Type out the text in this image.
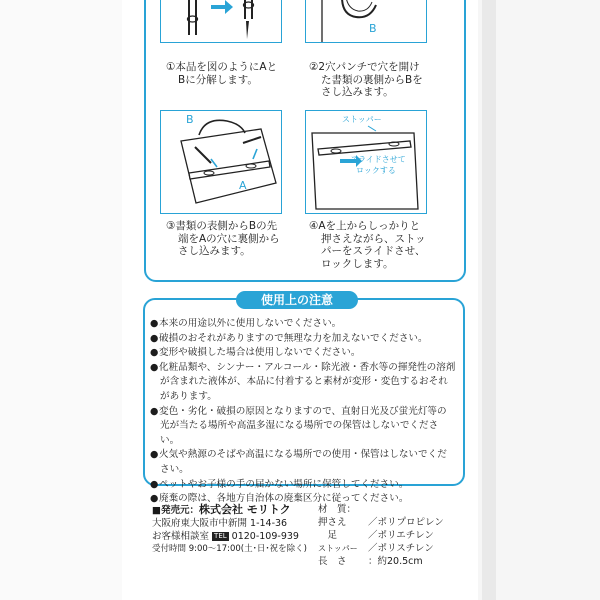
B
①本品を図のようにAと
Bに分解します。
②2穴パンチで穴を開け
た書類の裏側からBを
さし込みます。
B
A
ストッパー
スライドさせて
ロックする
③書類の表側からBの先
端をAの穴に裏側から
さし込みます。
④Aを上からしっかりと
押さえながら、ストッ
パーをスライドさせ、
ロックします。
使用上の注意
●本来の用途以外に使用しないでください。
●破損のおそれがありますので無理な力を加えないでください。
●変形や破損した場合は使用しないでください。
●化粧品類や、シンナー・アルコール・除光液・香水等の揮発性の溶剤が含まれた液体が、本品に付着すると素材が変形・変色するおそれがあります。
●変色・劣化・破損の原因となりますので、直射日光及び蛍光灯等の光が当たる場所や高温多湿になる場所での保管はしないでください。
●火気や熱源のそばや高温になる場所での使用・保管はしないでください。
●ペットやお子様の手の届かない場所に保管してください。
●廃棄の際は、各地方自治体の廃棄区分に従ってください。
■発売元：株式会社 モリトク
大阪府東大阪市中新開 1-14-36
お客様相談室 TEL 0120-109-939
受付時間 9:00～17:00(土･日･祝を除く)
材　質：
押さえ	／ポリプロピレン
　足	／ポリエチレン
ストッパー	／ポリスチレン
長　さ	：約20.5cm
